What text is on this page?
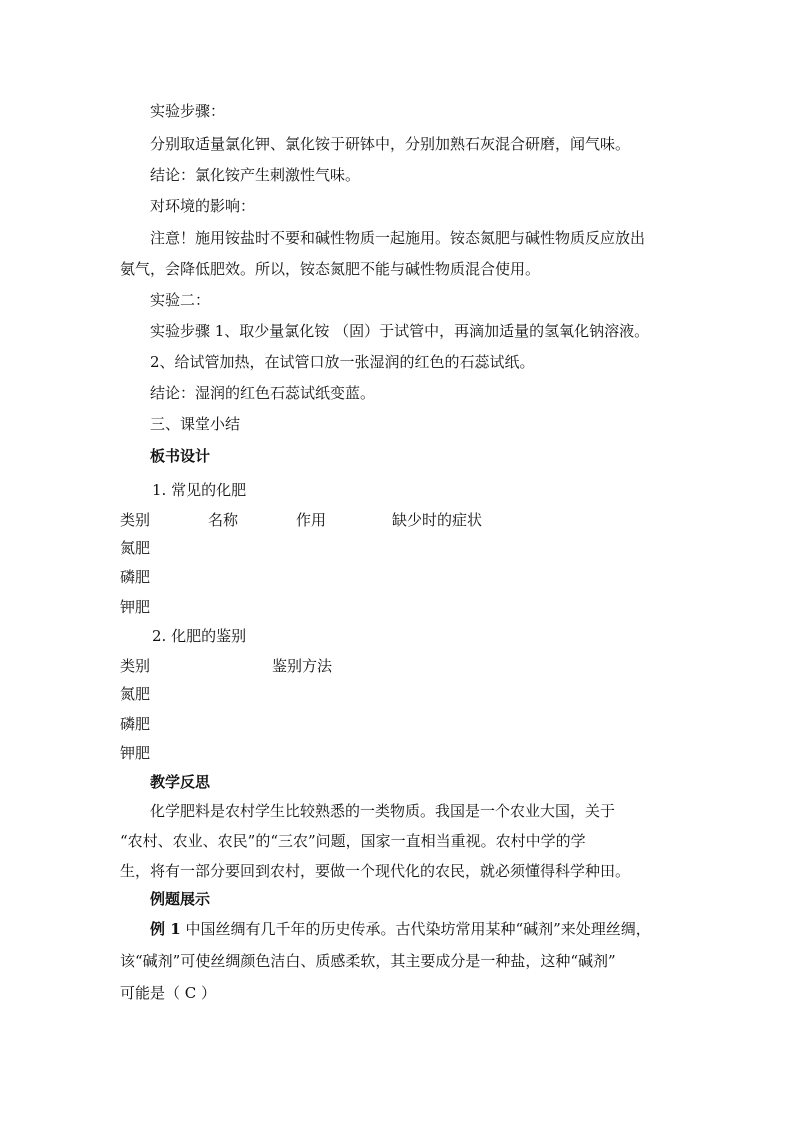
实验步骤：
分别取适量氯化钾、氯化铵于研钵中，分别加熟石灰混合研磨，闻气味。
结论：氯化铵产生刺激性气味。
对环境的影响：
注意！施用铵盐时不要和碱性物质一起施用。铵态氮肥与碱性物质反应放出
氨气，会降低肥效。所以，铵态氮肥不能与碱性物质混合使用。
实验二：
实验步骤 1、取少量氯化铵 （固）于试管中，再滴加适量的氢氧化钠溶液。
2、给试管加热，在试管口放一张湿润的红色的石蕊试纸。
结论：湿润的红色石蕊试纸变蓝。
三、课堂小结
板书设计
1. 常见的化肥
类别	名称	作用	缺少时的症状
氮肥
磷肥
钾肥
2. 化肥的鉴别
类别	鉴别方法
氮肥
磷肥
钾肥
教学反思
化学肥料是农村学生比较熟悉的一类物质。我国是一个农业大国，关于
“农村、农业、农民”的“三农”问题，国家一直相当重视。农村中学的学
生，将有一部分要回到农村，要做一个现代化的农民，就必须懂得科学种田。
例题展示
例 1 中国丝绸有几千年的历史传承。古代染坊常用某种“碱剂”来处理丝绸，
该“碱剂”可使丝绸颜色洁白、质感柔软，其主要成分是一种盐，这种“碱剂”
可能是（ C ）
